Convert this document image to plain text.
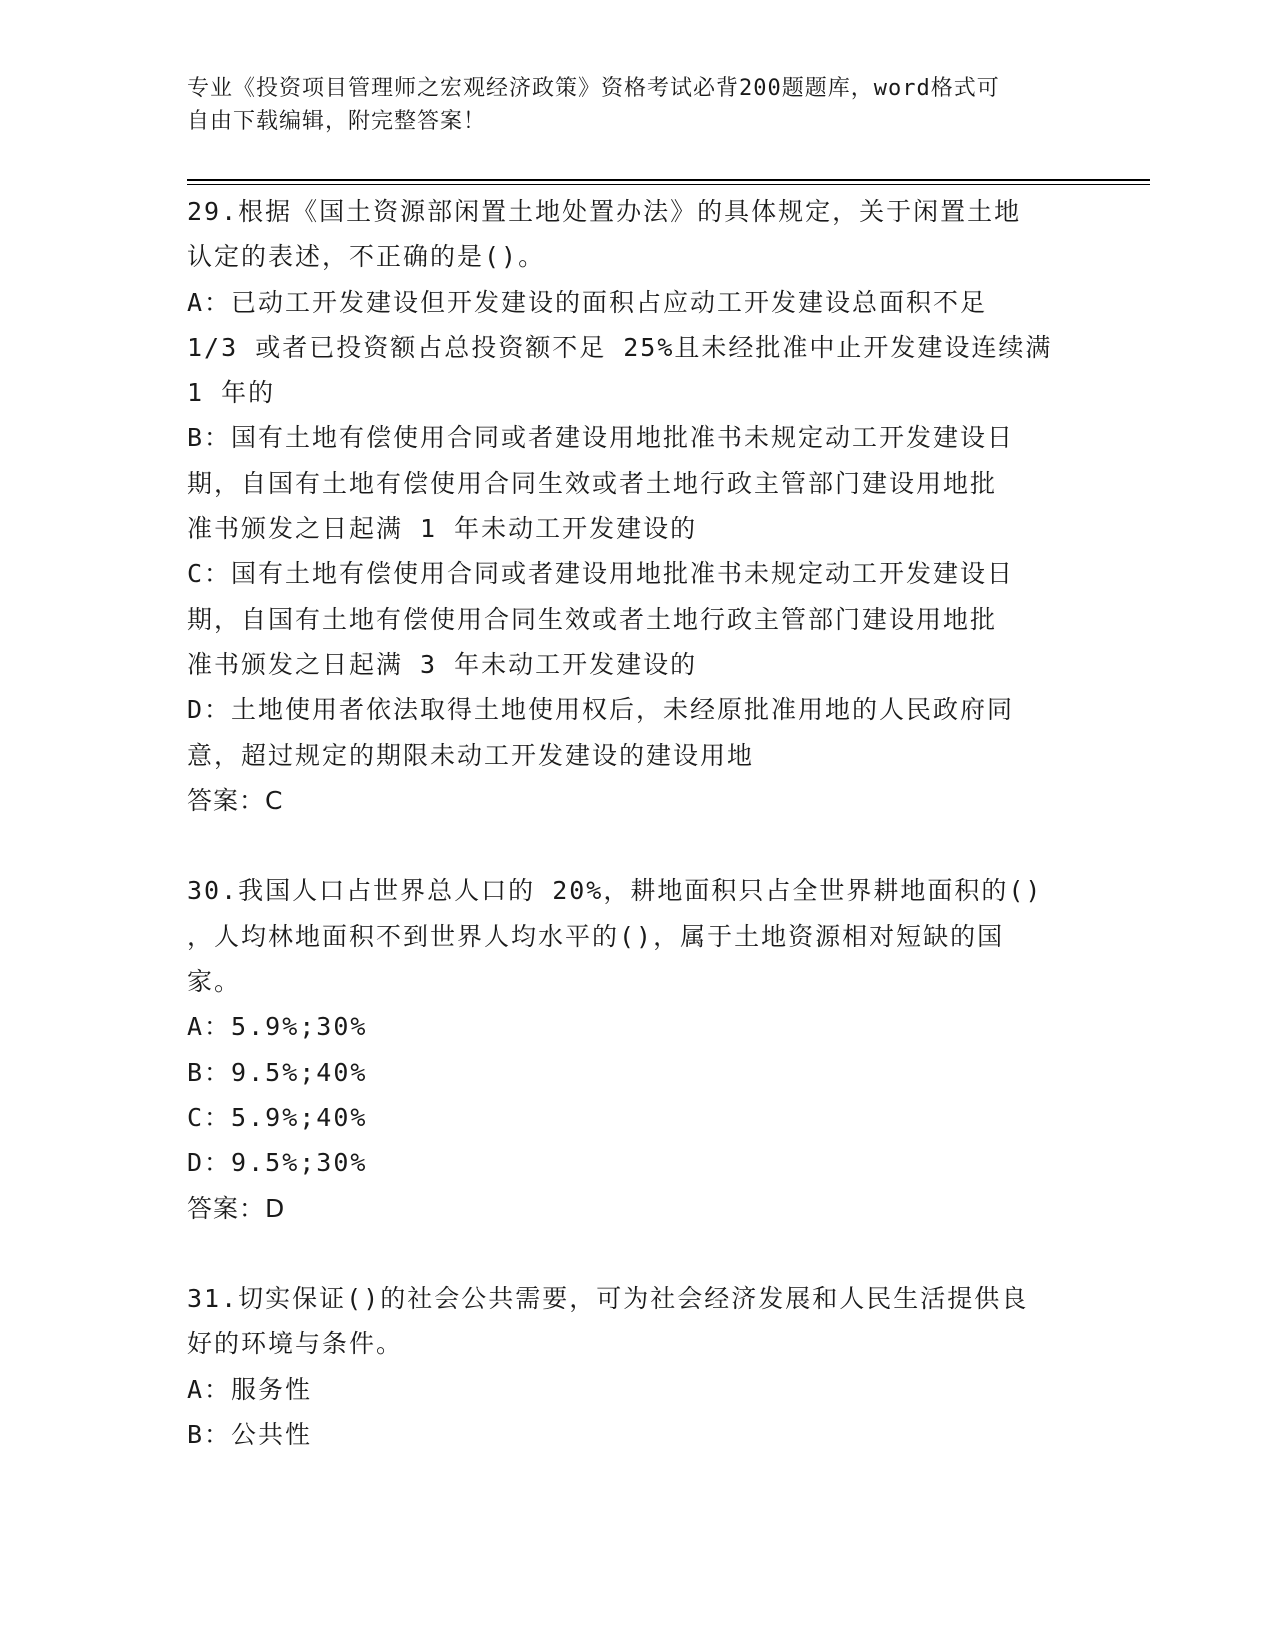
专业《投资项目管理师之宏观经济政策》资格考试必背200题题库，word格式可
自由下载编辑，附完整答案！

29.根据《国土资源部闲置土地处置办法》的具体规定，关于闲置土地

认定的表述，不正确的是()。

A：已动工开发建设但开发建设的面积占应动工开发建设总面积不足

1/3 或者已投资额占总投资额不足 25%且未经批准中止开发建设连续满

1 年的

B：国有土地有偿使用合同或者建设用地批准书未规定动工开发建设日

期，自国有土地有偿使用合同生效或者土地行政主管部门建设用地批

准书颁发之日起满 1 年未动工开发建设的

C：国有土地有偿使用合同或者建设用地批准书未规定动工开发建设日

期，自国有土地有偿使用合同生效或者土地行政主管部门建设用地批

准书颁发之日起满 3 年未动工开发建设的

D：土地使用者依法取得土地使用权后，未经原批准用地的人民政府同

意，超过规定的期限未动工开发建设的建设用地

答案：C

30.我国人口占世界总人口的 20%，耕地面积只占全世界耕地面积的()

，人均林地面积不到世界人均水平的()，属于土地资源相对短缺的国

家。

A：5.9%;30%

B：9.5%;40%

C：5.9%;40%

D：9.5%;30%

答案：D

31.切实保证()的社会公共需要，可为社会经济发展和人民生活提供良

好的环境与条件。

A：服务性

B：公共性
